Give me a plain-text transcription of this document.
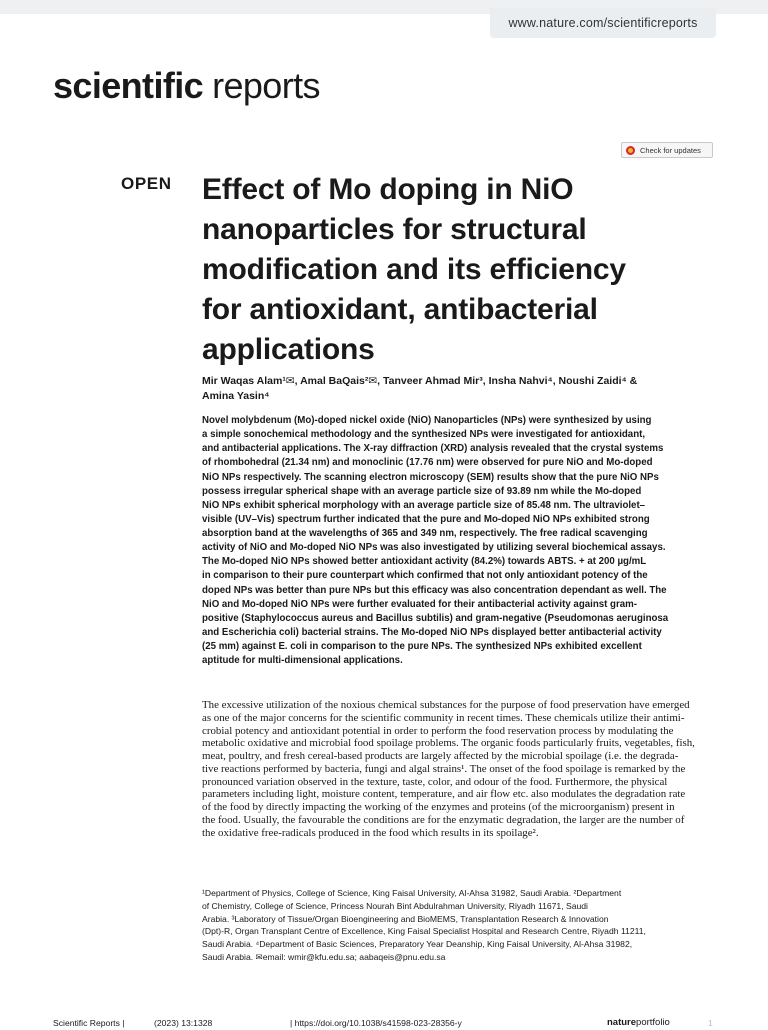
www.nature.com/scientificreports
scientific reports
Check for updates
OPEN Effect of Mo doping in NiO
nanoparticles for structural
modification and its efficiency
for antioxidant, antibacterial
applications
Mir Waqas Alam¹✉, Amal BaQais²✉, Tanveer Ahmad Mir³, Insha Nahvi⁴, Noushi Zaidi⁴ &
Amina Yasin⁴
Novel molybdenum (Mo)-doped nickel oxide (NiO) Nanoparticles (NPs) were synthesized by using
a simple sonochemical methodology and the synthesized NPs were investigated for antioxidant,
and antibacterial applications. The X-ray diffraction (XRD) analysis revealed that the crystal systems
of rhombohedral (21.34 nm) and monoclinic (17.76 nm) were observed for pure NiO and Mo-doped
NiO NPs respectively. The scanning electron microscopy (SEM) results show that the pure NiO NPs
possess irregular spherical shape with an average particle size of 93.89 nm while the Mo-doped
NiO NPs exhibit spherical morphology with an average particle size of 85.48 nm. The ultraviolet–
visible (UV–Vis) spectrum further indicated that the pure and Mo-doped NiO NPs exhibited strong
absorption band at the wavelengths of 365 and 349 nm, respectively. The free radical scavenging
activity of NiO and Mo-doped NiO NPs was also investigated by utilizing several biochemical assays.
The Mo-doped NiO NPs showed better antioxidant activity (84.2%) towards ABTS. + at 200 µg/mL
in comparison to their pure counterpart which confirmed that not only antioxidant potency of the
doped NPs was better than pure NPs but this efficacy was also concentration dependant as well. The
NiO and Mo-doped NiO NPs were further evaluated for their antibacterial activity against gram-
positive (Staphylococcus aureus and Bacillus subtilis) and gram-negative (Pseudomonas aeruginosa
and Escherichia coli) bacterial strains. The Mo-doped NiO NPs displayed better antibacterial activity
(25 mm) against E. coli in comparison to the pure NPs. The synthesized NPs exhibited excellent
aptitude for multi-dimensional applications.
The excessive utilization of the noxious chemical substances for the purpose of food preservation have emerged
as one of the major concerns for the scientific community in recent times. These chemicals utilize their antimi-
crobial potency and antioxidant potential in order to perform the food reservation process by modulating the
metabolic oxidative and microbial food spoilage problems. The organic foods particularly fruits, vegetables, fish,
meat, poultry, and fresh cereal-based products are largely affected by the microbial spoilage (i.e. the degrada-
tive reactions performed by bacteria, fungi and algal strains¹. The onset of the food spoilage is remarked by the
pronounced variation observed in the texture, taste, color, and odour of the food. Furthermore, the physical
parameters including light, moisture content, temperature, and air flow etc. also modulates the degradation rate
of the food by directly impacting the working of the enzymes and proteins (of the microorganism) present in
the food. Usually, the favourable the conditions are for the enzymatic degradation, the larger are the number of
the oxidative free-radicals produced in the food which results in its spoilage².
¹Department of Physics, College of Science, King Faisal University, Al-Ahsa 31982, Saudi Arabia. ²Department
of Chemistry, College of Science, Princess Nourah Bint Abdulrahman University, Riyadh 11671, Saudi
Arabia. ³Laboratory of Tissue/Organ Bioengineering and BioMEMS, Transplantation Research & Innovation
(Dpt)-R, Organ Transplant Centre of Excellence, King Faisal Specialist Hospital and Research Centre, Riyadh 11211,
Saudi Arabia. ⁴Department of Basic Sciences, Preparatory Year Deanship, King Faisal University, Al-Ahsa 31982,
Saudi Arabia. ✉email: wmir@kfu.edu.sa; aabaqeis@pnu.edu.sa
Scientific Reports |	(2023) 13:1328	| https://doi.org/10.1038/s41598-023-28356-y	natureportfolio	1
